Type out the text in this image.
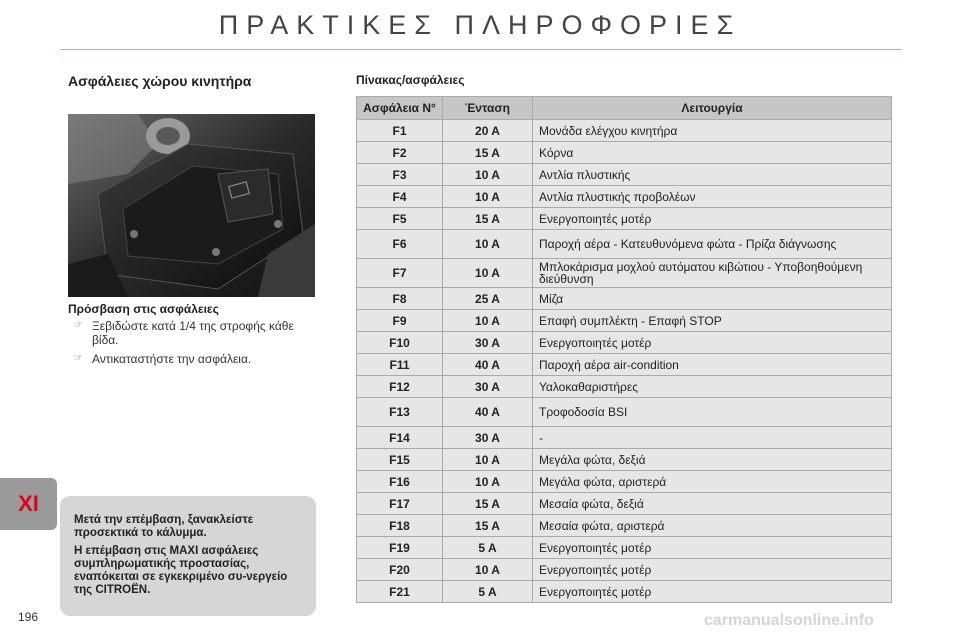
ΠΡΑΚΤΙΚΕΣ ΠΛΗΡΟΦΟΡΙΕΣ
Ασφάλειες χώρου κινητήρα
Πρόσβαση στις ασφάλειες
☞ Ξεβιδώστε κατά 1/4 της στροφής κάθε βίδα.
☞ Αντικαταστήστε την ασφάλεια.
XI

Μετά την επέμβαση, ξανακλείστε προσεκτικά το κάλυμμα.

Η επέμβαση στις MAXI ασφάλειες συμπληρωματικής προστασίας, εναπόκειται σε εγκεκριμένο συ-νεργείο της CITROËN.

196
Πίνακας/ασφάλειες
Ασφάλεια N°	Ένταση	Λειτουργία
F1	20 A	Μονάδα ελέγχου κινητήρα
F2	15 A	Κόρνα
F3	10 A	Αντλία πλυστικής
F4	10 A	Αντλία πλυστικής προβολέων
F5	15 A	Ενεργοποιητές μοτέρ
F6	10 A	Παροχή αέρα - Κατευθυνόμενα φώτα - Πρίζα διάγνωσης
F7	10 A	Μπλοκάρισμα μοχλού αυτόματου κιβώτιου - Υποβοηθούμενη διεύθυνση
F8	25 A	Μίζα
F9	10 A	Επαφή συμπλέκτη - Επαφή STOP
F10	30 A	Ενεργοποιητές μοτέρ
F11	40 A	Παροχή αέρα air-condition
F12	30 A	Υαλοκαθαριστήρες
F13	40 A	Τροφοδοσία BSI
F14	30 A	-
F15	10 A	Μεγάλα φώτα, δεξιά
F16	10 A	Μεγάλα φώτα, αριστερά
F17	15 A	Μεσαία φώτα, δεξιά
F18	15 A	Μεσαία φώτα, αριστερά
F19	5 A	Ενεργοποιητές μοτέρ
F20	10 A	Ενεργοποιητές μοτέρ
F21	5 A	Ενεργοποιητές μοτέρ
carmanualsonline.info
